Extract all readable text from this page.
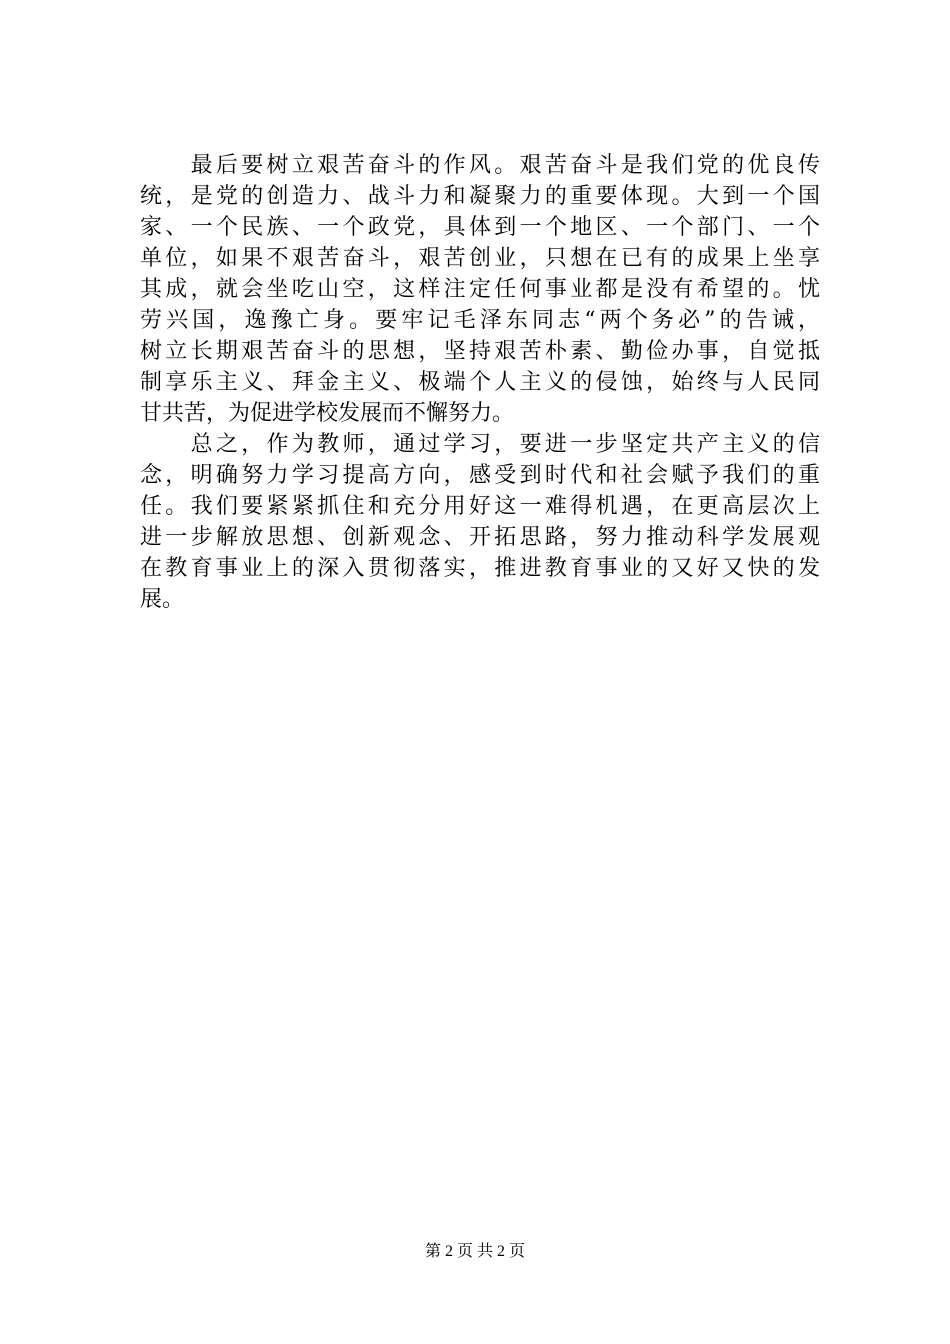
　　最后要树立艰苦奋斗的作风。艰苦奋斗是我们党的优良传
统，是党的创造力、战斗力和凝聚力的重要体现。大到一个国
家、一个民族、一个政党，具体到一个地区、一个部门、一个
单位，如果不艰苦奋斗，艰苦创业，只想在已有的成果上坐享
其成，就会坐吃山空，这样注定任何事业都是没有希望的。忧
劳兴国，逸豫亡身。要牢记毛泽东同志“两个务必”的告诫，
树立长期艰苦奋斗的思想，坚持艰苦朴素、勤俭办事，自觉抵
制享乐主义、拜金主义、极端个人主义的侵蚀，始终与人民同
甘共苦，为促进学校发展而不懈努力。
　　总之，作为教师，通过学习，要进一步坚定共产主义的信
念，明确努力学习提高方向，感受到时代和社会赋予我们的重
任。我们要紧紧抓住和充分用好这一难得机遇，在更高层次上
进一步解放思想、创新观念、开拓思路，努力推动科学发展观
在教育事业上的深入贯彻落实，推进教育事业的又好又快的发
展。
第 2 页 共 2 页
